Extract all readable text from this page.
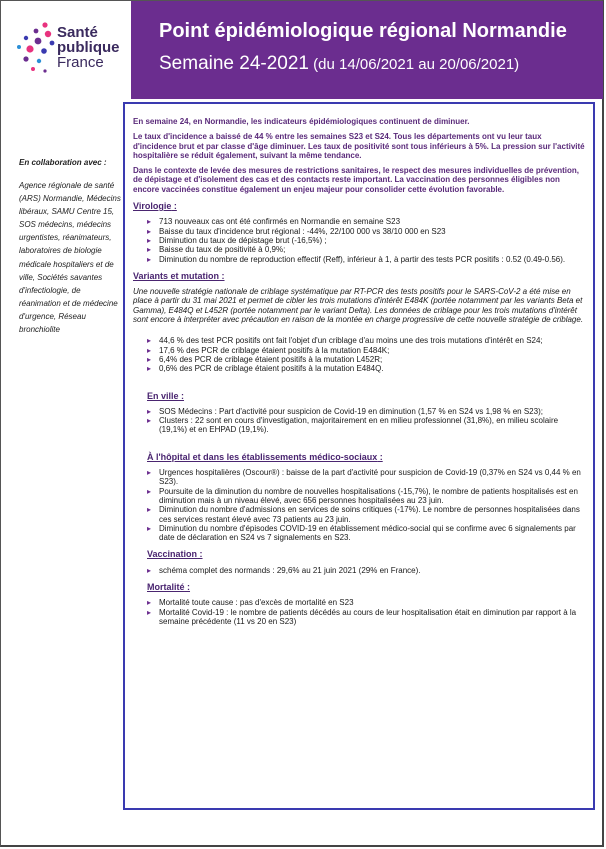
Santé
publique
France
Point épidémiologique régional Normandie
Semaine 24-2021 (du 14/06/2021 au 20/06/2021)
En collaboration avec :
Agence régionale de santé (ARS) Normandie, Médecins libéraux, SAMU Centre 15, SOS médecins, médecins urgentistes, réanimateurs, laboratoires de biologie médicale hospitaliers et de ville, Sociétés savantes d'infectiologie, de réanimation et de médecine d'urgence, Réseau bronchiolite

En semaine 24, en Normandie, les indicateurs épidémiologiques continuent de diminuer.

Le taux d'incidence a baissé de 44 % entre les semaines S23 et S24. Tous les départements ont vu leur taux d'incidence brut et par classe d'âge diminuer. Les taux de positivité sont tous inférieurs à 5%. La pression sur l'activité hospitalière se réduit également, suivant la même tendance.

Dans le contexte de levée des mesures de restrictions sanitaires, le respect des mesures individuelles de prévention, de dépistage et d'isolement des cas et des contacts reste important. La vaccination des personnes éligibles non encore vaccinées constitue également un enjeu majeur pour consolider cette évolution favorable.

Virologie :
▸ 713 nouveaux cas ont été confirmés en Normandie en semaine S23
▸ Baisse du taux d'incidence brut régional : -44%, 22/100 000 vs 38/10 000 en S23
▸ Diminution du taux de dépistage brut (-16,5%) ;
▸ Baisse du taux de positivité à 0,9%;
▸ Diminution du nombre de reproduction effectif (Reff), inférieur à 1, à partir des tests PCR positifs : 0.52 (0.49-0.56).
Variants et mutation :

Une nouvelle stratégie nationale de criblage systématique par RT-PCR des tests positifs pour le SARS-CoV-2 a été mise en place à partir du 31 mai 2021 et permet de cibler les trois mutations d'intérêt E484K (portée notamment par les variants Beta et Gamma), E484Q et L452R (portée notamment par le variant Delta). Les données de criblage pour les trois mutations d'intérêt sont encore à interpréter avec précaution en raison de la montée en charge progressive de cette nouvelle stratégie de criblage.

▸ 44,6 % des test PCR positifs ont fait l'objet d'un criblage d'au moins une des trois mutations d'intérêt en S24;
▸ 17,6 % des PCR de criblage étaient positifs à la mutation E484K;
▸ 6,4% des PCR de criblage étaient positifs à la mutation L452R;
▸ 0,6% des PCR de criblage étaient positifs à la mutation E484Q.
En ville :
▸ SOS Médecins : Part d'activité pour suspicion de Covid-19 en diminution (1,57 % en S24 vs 1,98 % en S23);
▸ Clusters : 22 sont en cours d'investigation, majoritairement en en milieu professionnel (31,8%), en milieu scolaire (19,1%) et en EHPAD (19,1%).
À l'hôpital et dans les établissements médico-sociaux :
▸ Urgences hospitalières (Oscour®) : baisse de la part d'activité pour suspicion de Covid-19 (0,37% en S24 vs 0,44 % en S23).
▸ Poursuite de la diminution du nombre de nouvelles hospitalisations (-15,7%), le nombre de patients hospitalisés est en diminution mais à un niveau élevé, avec 656 personnes hospitalisées au 23 juin.
▸ Diminution du nombre d'admissions en services de soins critiques (-17%). Le nombre de personnes hospitalisées dans ces services restant élevé avec 73 patients au 23 juin.
▸ Diminution du nombre d'épisodes COVID-19 en établissement médico-social qui se confirme avec 6 signalements par date de déclaration en S24 vs 7 signalements en S23.
Vaccination :
▸ schéma complet des normands : 29,6% au 21 juin 2021 (29% en France).
Mortalité :
▸ Mortalité toute cause : pas d'excès de mortalité en S23
▸ Mortalité Covid-19 : le nombre de patients décédés au cours de leur hospitalisation était en diminution par rapport à la semaine précédente (11 vs 20 en S23)
